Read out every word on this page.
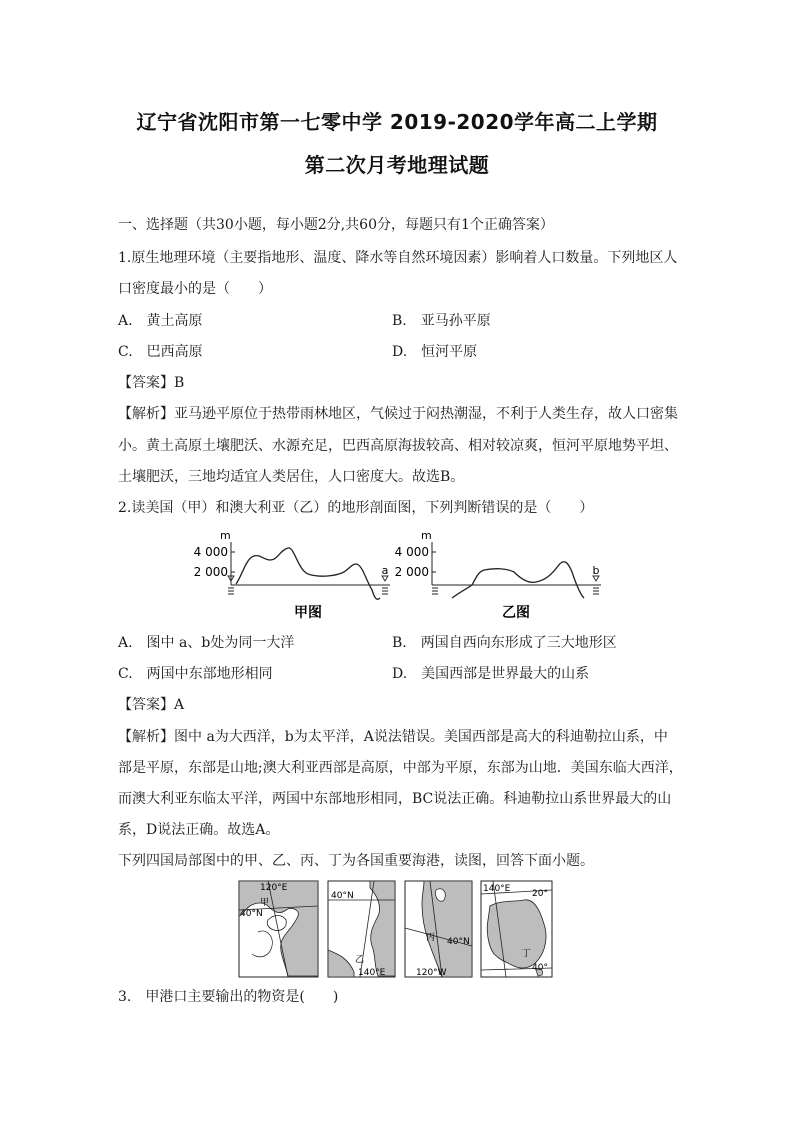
辽宁省沈阳市第一七零中学 2019-2020学年高二上学期
第二次月考地理试题
一、选择题（共30小题，每小题2分,共60分，每题只有1个正确答案）
1.原生地理环境（主要指地形、温度、降水等自然环境因素）影响着人口数量。下列地区人
口密度最小的是（　　）
A.　黄土高原	B.　亚马孙平原
C.　巴西高原	D.　恒河平原
【答案】B
【解析】亚马逊平原位于热带雨林地区，气候过于闷热潮湿，不利于人类生存，故人口密集
小。黄土高原土壤肥沃、水源充足，巴西高原海拔较高、相对较凉爽，恒河平原地势平坦、
土壤肥沃，三地均适宜人类居住，人口密度大。故选B。
2.读美国（甲）和澳大利亚（乙）的地形剖面图，下列判断错误的是（　　）
m
4 000
2 000	a
甲图
m
4 000
2 000	b
乙图
A.　图中 a、b处为同一大洋	B.　两国自西向东形成了三大地形区
C.　两国中东部地形相同	D.　美国西部是世界最大的山系
【答案】A
【解析】图中 a为大西洋，b为太平洋，A说法错误。美国西部是高大的科迪勒拉山系，中
部是平原，东部是山地;澳大利亚西部是高原，中部为平原，东部为山地．美国东临大西洋，
而澳大利亚东临太平洋，两国中东部地形相同，BC说法正确。科迪勒拉山系世界最大的山
系，D说法正确。故选A。
下列四国局部图中的甲、乙、丙、丁为各国重要海港，读图，回答下面小题。
120°E
40°N
甲
40°N
乙
140°E
丙 40°N
120°W
140°E 20°
丁
40°
3.　甲港口主要输出的物资是(　　)
